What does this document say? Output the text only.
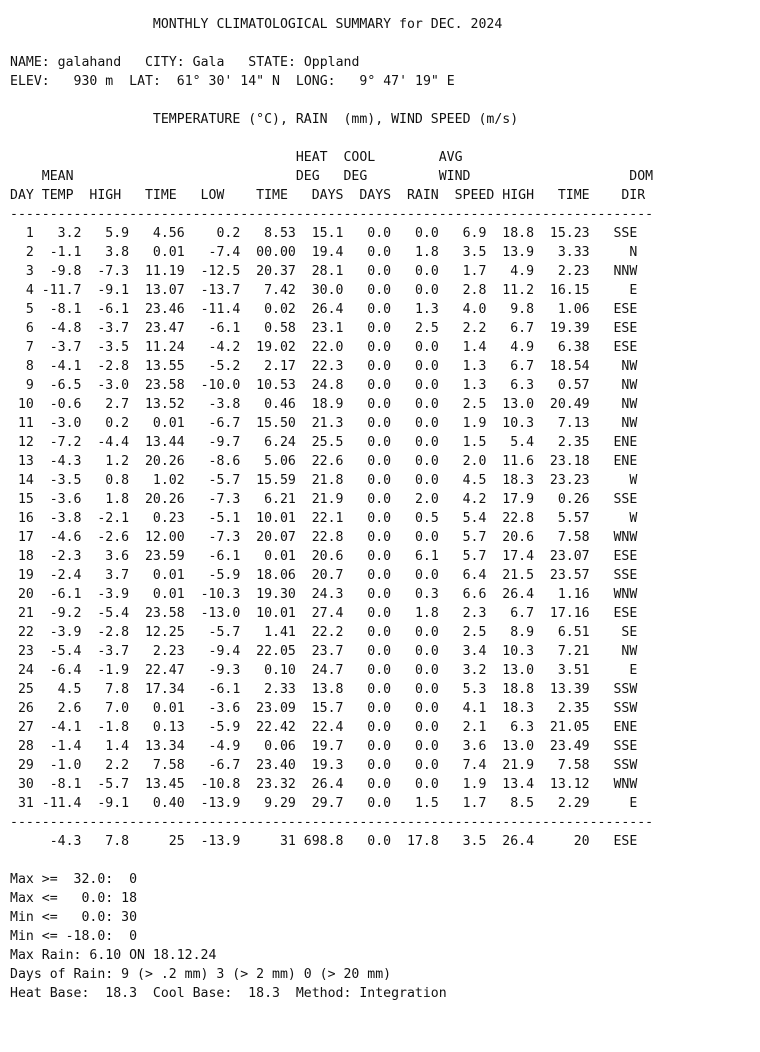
MONTHLY CLIMATOLOGICAL SUMMARY for DEC. 2024
NAME: galahand CITY: Gala STATE: Oppland
ELEV: 930 m LAT: 61° 30' 14" N LONG: 9° 47' 19" E
TEMPERATURE (°C), RAIN  (mm), WIND SPEED (m/s)
HEAT  COOL        AVG
MEAN                            DEG   DEG         WIND                    DOM
DAY TEMP  HIGH   TIME   LOW    TIME   DAYS  DAYS  RAIN  SPEED HIGH   TIME    DIR
---------------------------------------------------------------------------------
1   3.2   5.9   4.56    0.2   8.53  15.1   0.0   0.0   6.9  18.8  15.23   SSE
2  -1.1   3.8   0.01   -7.4  00.00  19.4   0.0   1.8   3.5  13.9   3.33     N
3  -9.8  -7.3  11.19  -12.5  20.37  28.1   0.0   0.0   1.7   4.9   2.23   NNW
4 -11.7  -9.1  13.07  -13.7   7.42  30.0   0.0   0.0   2.8  11.2  16.15     E
5  -8.1  -6.1  23.46  -11.4   0.02  26.4   0.0   1.3   4.0   9.8   1.06   ESE
6  -4.8  -3.7  23.47   -6.1   0.58  23.1   0.0   2.5   2.2   6.7  19.39   ESE
7  -3.7  -3.5  11.24   -4.2  19.02  22.0   0.0   0.0   1.4   4.9   6.38   ESE
8  -4.1  -2.8  13.55   -5.2   2.17  22.3   0.0   0.0   1.3   6.7  18.54    NW
9  -6.5  -3.0  23.58  -10.0  10.53  24.8   0.0   0.0   1.3   6.3   0.57    NW
10  -0.6   2.7  13.52   -3.8   0.46  18.9   0.0   0.0   2.5  13.0  20.49    NW
11  -3.0   0.2   0.01   -6.7  15.50  21.3   0.0   0.0   1.9  10.3   7.13    NW
12  -7.2  -4.4  13.44   -9.7   6.24  25.5   0.0   0.0   1.5   5.4   2.35   ENE
13  -4.3   1.2  20.26   -8.6   5.06  22.6   0.0   0.0   2.0  11.6  23.18   ENE
14  -3.5   0.8   1.02   -5.7  15.59  21.8   0.0   0.0   4.5  18.3  23.23     W
15  -3.6   1.8  20.26   -7.3   6.21  21.9   0.0   2.0   4.2  17.9   0.26   SSE
16  -3.8  -2.1   0.23   -5.1  10.01  22.1   0.0   0.5   5.4  22.8   5.57     W
17  -4.6  -2.6  12.00   -7.3  20.07  22.8   0.0   0.0   5.7  20.6   7.58   WNW
18  -2.3   3.6  23.59   -6.1   0.01  20.6   0.0   6.1   5.7  17.4  23.07   ESE
19  -2.4   3.7   0.01   -5.9  18.06  20.7   0.0   0.0   6.4  21.5  23.57   SSE
20  -6.1  -3.9   0.01  -10.3  19.30  24.3   0.0   0.3   6.6  26.4   1.16   WNW
21  -9.2  -5.4  23.58  -13.0  10.01  27.4   0.0   1.8   2.3   6.7  17.16   ESE
22  -3.9  -2.8  12.25   -5.7   1.41  22.2   0.0   0.0   2.5   8.9   6.51    SE
23  -5.4  -3.7   2.23   -9.4  22.05  23.7   0.0   0.0   3.4  10.3   7.21    NW
24  -6.4  -1.9  22.47   -9.3   0.10  24.7   0.0   0.0   3.2  13.0   3.51     E
25   4.5   7.8  17.34   -6.1   2.33  13.8   0.0   0.0   5.3  18.8  13.39   SSW
26   2.6   7.0   0.01   -3.6  23.09  15.7   0.0   0.0   4.1  18.3   2.35   SSW
27  -4.1  -1.8   0.13   -5.9  22.42  22.4   0.0   0.0   2.1   6.3  21.05   ENE
28  -1.4   1.4  13.34   -4.9   0.06  19.7   0.0   0.0   3.6  13.0  23.49   SSE
29  -1.0   2.2   7.58   -6.7  23.40  19.3   0.0   0.0   7.4  21.9   7.58   SSW
30  -8.1  -5.7  13.45  -10.8  23.32  26.4   0.0   0.0   1.9  13.4  13.12   WNW
31 -11.4  -9.1   0.40  -13.9   9.29  29.7   0.0   1.5   1.7   8.5   2.29     E
---------------------------------------------------------------------------------
-4.3   7.8     25  -13.9     31 698.8   0.0  17.8   3.5  26.4     20   ESE
Max >=  32.0:  0
Max <=   0.0: 18
Min <=   0.0: 30
Min <= -18.0:  0
Max Rain: 6.10 ON 18.12.24
Days of Rain: 9 (> .2 mm) 3 (> 2 mm) 0 (> 20 mm)
Heat Base:  18.3  Cool Base:  18.3  Method: Integration
